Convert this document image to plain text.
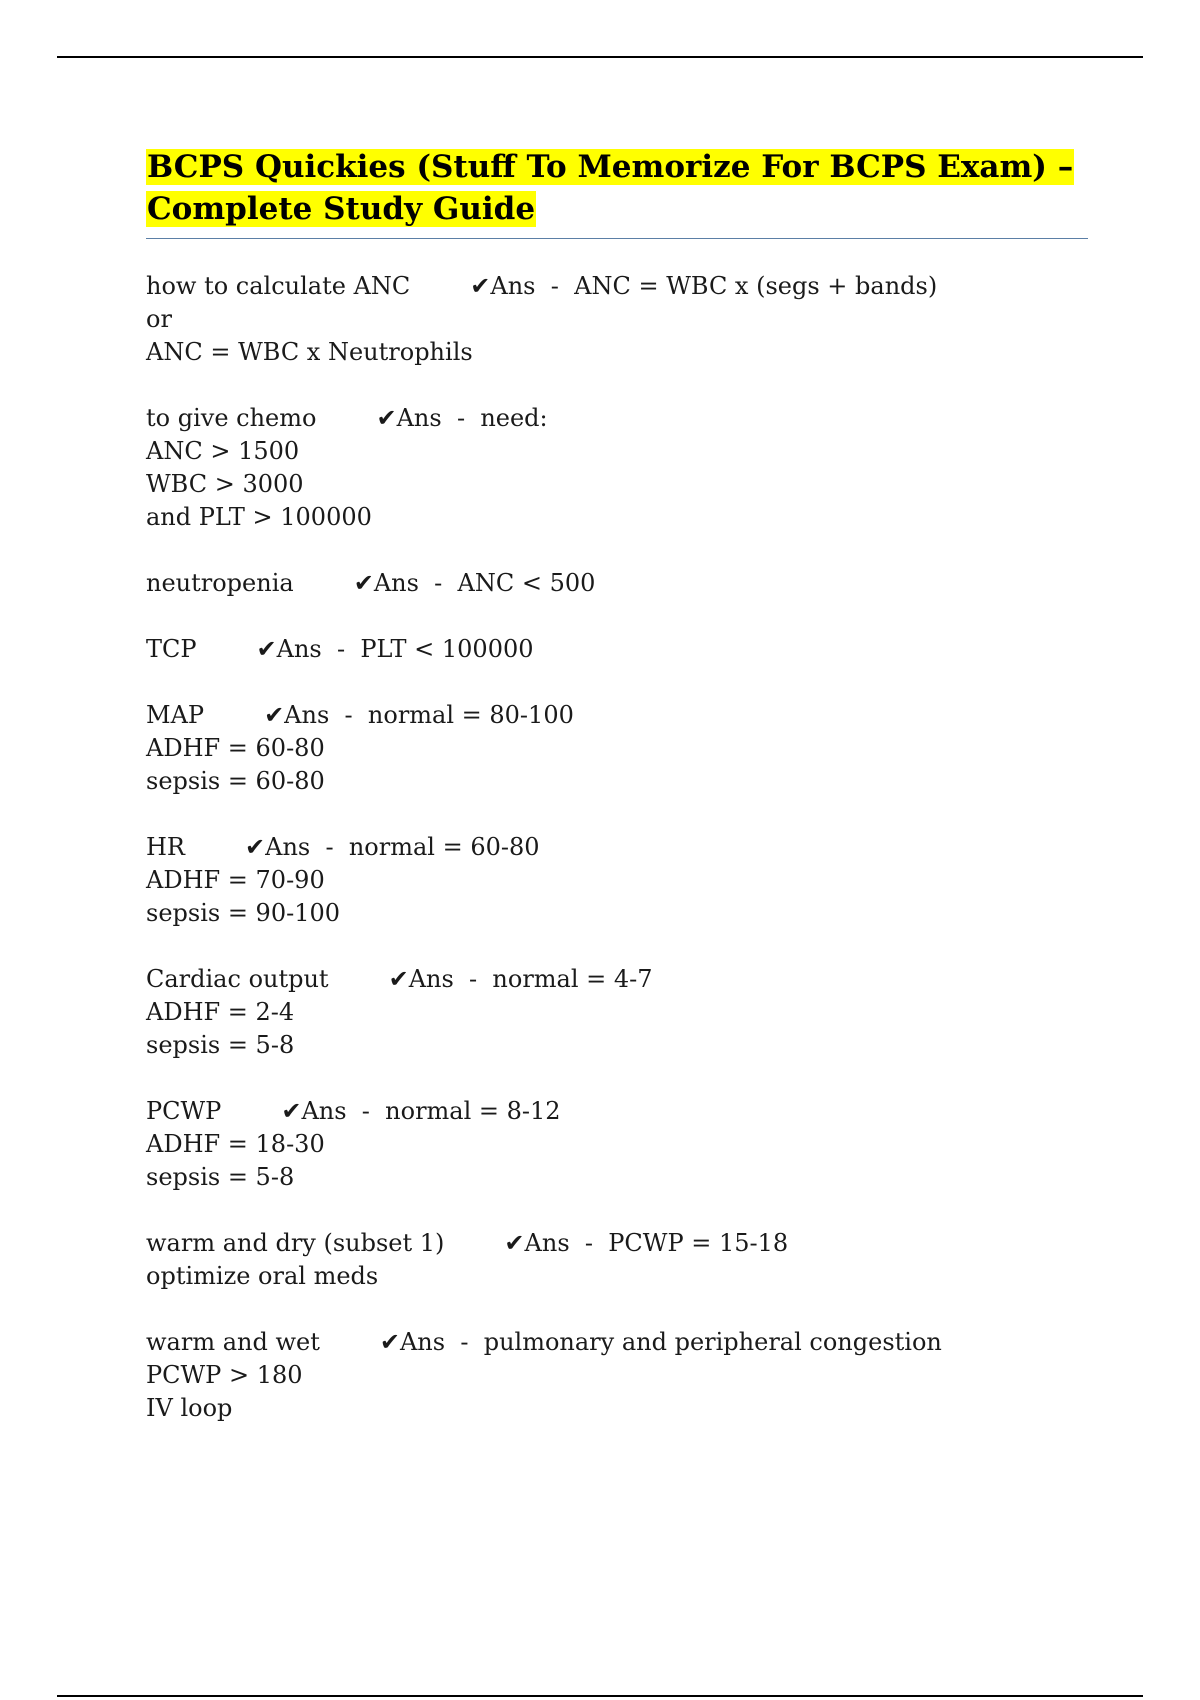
BCPS Quickies (Stuff To Memorize For BCPS Exam) –
Complete Study Guide
how to calculate ANC	✔Ans  -  ANC = WBC x (segs + bands)
or
ANC = WBC x Neutrophils
to give chemo	✔Ans  -  need:
ANC > 1500
WBC > 3000
and PLT > 100000
neutropenia	✔Ans  -  ANC < 500
TCP	✔Ans  -  PLT < 100000
MAP	✔Ans  -  normal = 80-100
ADHF = 60-80
sepsis = 60-80
HR	✔Ans  -  normal = 60-80
ADHF = 70-90
sepsis = 90-100
Cardiac output	✔Ans  -  normal = 4-7
ADHF = 2-4
sepsis = 5-8
PCWP	✔Ans  -  normal = 8-12
ADHF = 18-30
sepsis = 5-8
warm and dry (subset 1)	✔Ans  -  PCWP = 15-18
optimize oral meds
warm and wet	✔Ans  -  pulmonary and peripheral congestion
PCWP > 180
IV loop
